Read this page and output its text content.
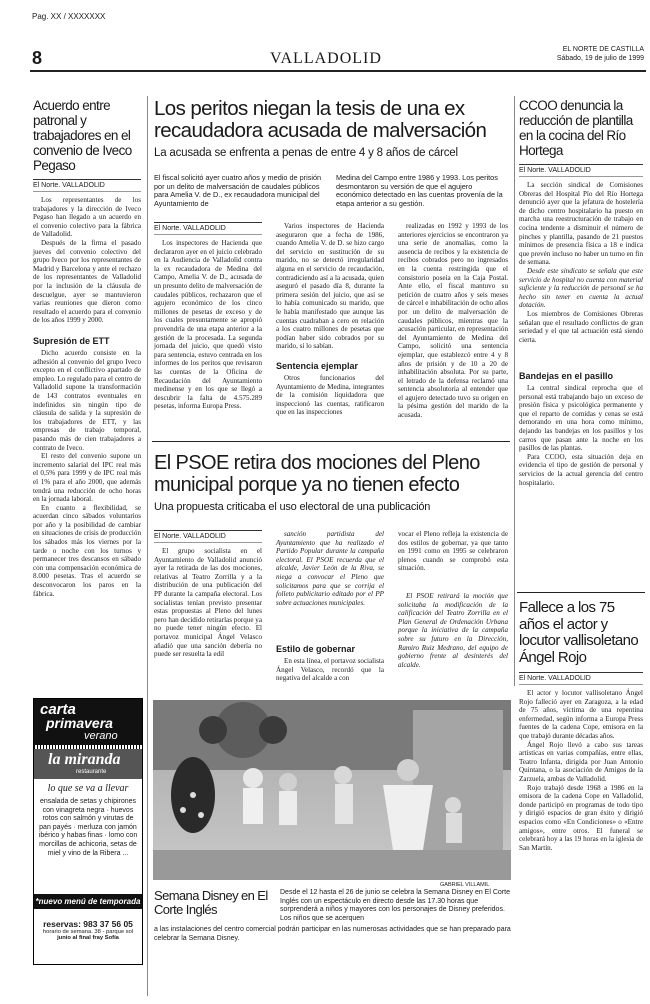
Pag. XX / XXXXXXX
8	VALLADOLID
EL NORTE DE CASTILLA
Sábado, 19 de julio de 1999
Acuerdo entre patronal y trabajadores en el convenio de Iveco Pegaso
El Norte. VALLADOLID

Los representantes de los trabajadores y la dirección de Iveco Pegaso han llegado a un acuerdo en el convenio colectivo para la fábrica de Valladolid.

Después de la firma el pasado jueves del convenio colectivo del grupo Iveco por los representantes de Madrid y Barcelona y ante el rechazo de los representantes de Valladolid por la inclusión de la cláusula de descuelgue, ayer se mantuvieron varias reuniones que dieron como resultado el acuerdo para el convenio de los años 1999 y 2000.

Supresión de ETT

Dicho acuerdo consiste en la adhesión al convenio del grupo Iveco excepto en el conflictivo apartado de empleo. Lo regulado para el centro de Valladolid supone la transformación de 143 contratos eventuales en indefinidos sin ningún tipo de cláusula de salida y la supresión de los trabajadores de ETT, y las empresas de trabajo temporal, pasando más de cien trabajadores a contrato de Iveco.

El resto del convenio supone un incremento salarial del IPC real más el 0,5% para 1999 y de IPC real más el 1% para el año 2000, que además tendrá una reducción de ocho horas en la jornada laboral.

En cuanto a flexibilidad, se acuerdan cinco sábados voluntarios por año y la posibilidad de cambiar en situaciones de crisis de producción los sábados más los viernes por la tarde o noche con los turnos y permanecer tres descansos en sábado con una compensación económica de 8.000 pesetas. Tras el acuerdo se desconvocaron los paros en la fábrica.

carta
primavera
verano
la miranda
restaurante
lo que se va a llevar
ensalada de setas y chipirones con vinagreta negra · huevos rotos con salmón y virutas de pan payés · merluza con jamón ibérico y habas finas · lomo con morcillas de achicoria, setas de miel y vino de la Ribera ...
*nuevo menú de temporada
reservas: 983 37 56 05
horario de semana. 38 - parque sol
junio al final fray Sofía
Los peritos niegan la tesis de una ex recaudadora acusada de malversación
La acusada se enfrenta a penas de entre 4 y 8 años de cárcel
El fiscal solicitó ayer cuatro años y medio de prisión por un delito de malversación de caudales públicos para Amelia V. de D., ex recaudadora municipal del Ayuntamiento de
Medina del Campo entre 1986 y 1993. Los peritos desmontaron su versión de que el agujero económico detectado en las cuentas provenía de la etapa anterior a su gestión.
El Norte. VALLADOLID
Los inspectores de Hacienda que declararon ayer en el juicio celebrado en la Audiencia de Valladolid contra la ex recaudadora de Medina del Campo, Amelia V. de D., acusada de un presunto delito de malversación de caudales públicos, rechazaron que el agujero económico de los cinco millones de pesetas de exceso y de los cuales presuntamente se apropió provendría de una etapa anterior a la gestión de la procesada. La segunda jornada del juicio, que quedó visto para sentencia, estuvo centrada en los informes de los peritos que revisaron las cuentas de la Oficina de Recaudación del Ayuntamiento medinense y en los que se llegó a descubrir la falta de 4.575.289 pesetas, informa Europa Press.
Varios inspectores de Hacienda aseguraron que a fecha de 1986, cuando Amelia V. de D. se hizo cargo del servicio en sustitución de su marido, no se detectó irregularidad alguna en el servicio de recaudación, contradiciendo así a la acusada, quien aseguró el pasado día 8, durante la primera sesión del juicio, que así se lo había comunicado su marido, que le había manifestado que aunque las cuentas cuadraban a cero en relación a los cuatro millones de pesetas que podían haber sido cobrados por su marido, sí lo sabían.
Sentencia ejemplar
Otros funcionarios del Ayuntamiento de Medina, integrantes de la comisión liquidadora que inspeccionó las cuentas, ratificaron que en las inspecciones
realizadas en 1992 y 1993 de los anteriores ejercicios se encontraron ya una serie de anomalías, como la ausencia de recibos y la existencia de recibos cobrados pero no ingresados en la cuenta restringida que el consistorio poseía en la Caja Postal. Ante ello, el fiscal mantuvo su petición de cuatro años y seis meses de cárcel e inhabilitación de ocho años por un delito de malversación de caudales públicos, mientras que la acusación particular, en representación del Ayuntamiento de Medina del Campo, solicitó una sentencia ejemplar, que establezcó entre 4 y 8 años de prisión y de 10 a 20 de inhabilitación absoluta. Por su parte, el letrado de la defensa reclamó una sentencia absolutoria al entender que el agujero detectado tuvo su origen en la pésima gestión del marido de la acusada.
El PSOE retira dos mociones del Pleno municipal porque ya no tienen efecto
Una propuesta criticaba el uso electoral de una publicación
El Norte. VALLADOLID
El grupo socialista en el Ayuntamiento de Valladolid anunció ayer la retirada de las dos mociones, relativas al Teatro Zorrilla y a la distribución de una publicación del PP durante la campaña electoral. Los socialistas tenían previsto presentar estas propuestas al Pleno del lunes pero han decidido retirarlas porque ya no puede tener ningún efecto. El portavoz municipal Ángel Velasco añadió que una sanción debería no puede ser resuelta la edil
sanción partidista del Ayuntamiento que ha realizado el Partido Popular durante la campaña electoral. El PSOE recuerda que el alcalde, Javier León de la Riva, se niega a convocar el Pleno que solicitamos para que se corrija el folleto publicitario editado por el PP sobre actuaciones municipales.
Estilo de gobernar
En esta línea, el portavoz socialista Ángel Velasco, recordó que la negativa del alcalde a con
vocar el Pleno refleja la existencia de dos estilos de gobernar, ya que tanto en 1991 como en 1995 se celebraron plenos cuando se comprobó esta situación.
El PSOE retirará la moción que solicitaba la modificación de la calificación del Teatro Zorrilla en el Plan General de Ordenación Urbana porque la iniciativa de la campaña sobre su futuro en la Dirección, Ramiro Ruiz Medrano, del equipo de gobierno frente al desinterés del alcalde.
GABRIEL VILLAMIL
Semana Disney en El Corte Inglés
Desde el 12 hasta el 26 de junio se celebra la Semana Disney en El Corte Inglés con un espectáculo en directo desde las 17.30 horas que sorprenderá a niños y mayores con los personajes de Disney preferidos. Los niños que se acerquen
a las instalaciones del centro comercial podrán participar en las numerosas actividades que se han preparado para celebrar la Semana Disney.
CCOO denuncia la reducción de plantilla en la cocina del Río Hortega
El Norte. VALLADOLID

La sección sindical de Comisiones Obreras del Hospital Pío del Río Hortega denunció ayer que la jefatura de hostelería de dicho centro hospitalario ha puesto en marcha una reestructuración de trabajo en cocina tendente a disminuir el número de pinches y plantilla, pasando de 21 puestos mínimos de presencia física a 18 e indica que prevén incluso no haber un turno en fin de semana.

Desde este sindicato se señala que este servicio de hospital no cuenta con material suficiente y la reducción de personal se ha hecho sin tener en cuenta la actual dotación.

Los miembros de Comisiones Obreras señalan que el resultado conflictos de gran seriedad y el que tal actuación está siendo cierta.

Bandejas en el pasillo

La central sindical reprocha que el personal está trabajando bajo un exceso de presión física y psicológica permanente y que el reparto de comidas y cenas se está demorando en una hora como mínimo, dejando las bandejas en los pasillos y los carros que pasan ante la noche en los pasillos de las plantas.

Para CCOO, esta situación deja en evidencia el tipo de gestión de personal y servicios de la actual gerencia del centro hospitalario.

Fallece a los 75 años el actor y locutor vallisoletano Ángel Rojo
El Norte. VALLADOLID

El actor y locutor vallisoletano Ángel Rojo falleció ayer en Zaragoza, a la edad de 75 años, víctima de una repentina enfermedad, según informa a Europa Press fuentes de la cadena Cope, emisora en la que trabajó durante décadas años.

Ángel Rojo llevó a cabo sus tareas artísticas en varias compañías, entre ellas, Teatro Infanta, dirigida por Juan Antonio Quintana, o la asociación de Amigos de la Zarzuela, ambas de Valladolid.

Rojo trabajó desde 1968 a 1986 en la emisora de la cadena Cope en Valladolid, donde participó en programas de todo tipo y dirigió espacios de gran éxito y dirigió espacios como «En Condiciones» o «Entre amigos», entre otros. El funeral se celebrará hoy a las 19 horas en la iglesia de San Martín.
